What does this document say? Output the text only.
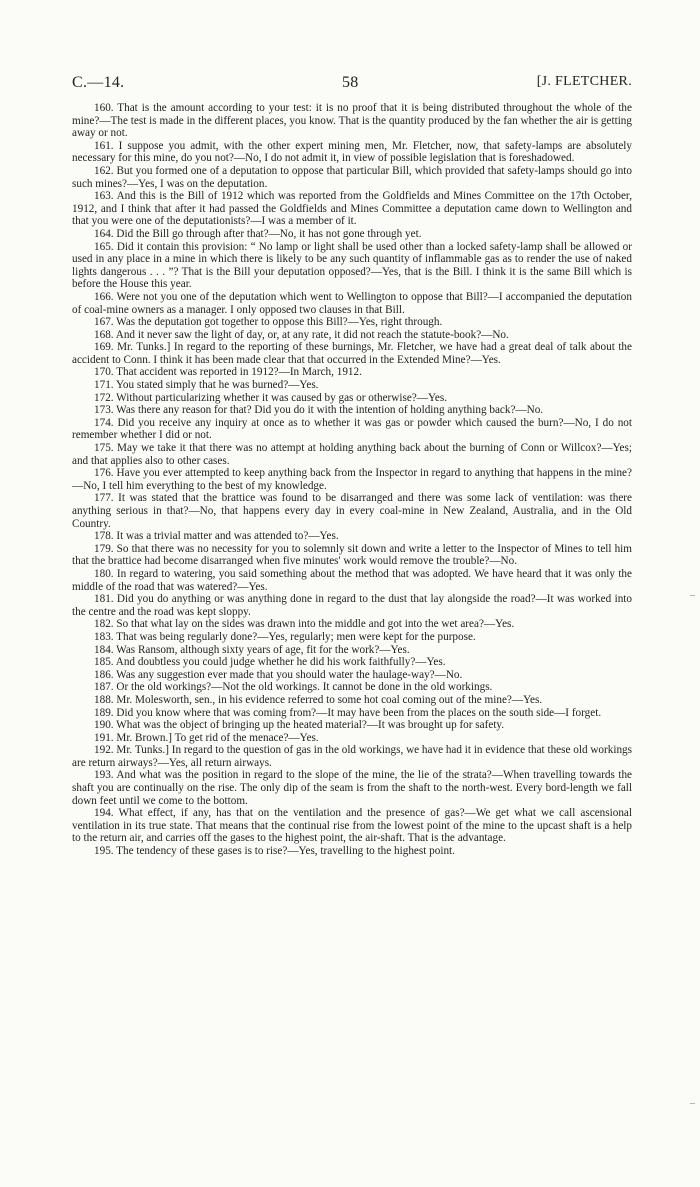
C.—14.	58	[J. FLETCHER.

160. That is the amount according to your test: it is no proof that it is being distributed throughout the whole of the mine?—The test is made in the different places, you know. That is the quantity produced by the fan whether the air is getting away or not.

161. I suppose you admit, with the other expert mining men, Mr. Fletcher, now, that safety-lamps are absolutely necessary for this mine, do you not?—No, I do not admit it, in view of possible legislation that is foreshadowed.

162. But you formed one of a deputation to oppose that particular Bill, which provided that safety-lamps should go into such mines?—Yes, I was on the deputation.

163. And this is the Bill of 1912 which was reported from the Goldfields and Mines Committee on the 17th October, 1912, and I think that after it had passed the Goldfields and Mines Committee a deputation came down to Wellington and that you were one of the deputationists?—I was a member of it.

164. Did the Bill go through after that?—No, it has not gone through yet.

165. Did it contain this provision: “ No lamp or light shall be used other than a locked safety-lamp shall be allowed or used in any place in a mine in which there is likely to be any such quantity of inflammable gas as to render the use of naked lights dangerous . . . ”? That is the Bill your deputation opposed?—Yes, that is the Bill. I think it is the same Bill which is before the House this year.

166. Were not you one of the deputation which went to Wellington to oppose that Bill?—I accompanied the deputation of coal-mine owners as a manager. I only opposed two clauses in that Bill.

167. Was the deputation got together to oppose this Bill?—Yes, right through.

168. And it never saw the light of day, or, at any rate, it did not reach the statute-book?—No.

169. Mr. Tunks.] In regard to the reporting of these burnings, Mr. Fletcher, we have had a great deal of talk about the accident to Conn. I think it has been made clear that that occurred in the Extended Mine?—Yes.

170. That accident was reported in 1912?—In March, 1912.

171. You stated simply that he was burned?—Yes.

172. Without particularizing whether it was caused by gas or otherwise?—Yes.

173. Was there any reason for that? Did you do it with the intention of holding anything back?—No.

174. Did you receive any inquiry at once as to whether it was gas or powder which caused the burn?—No, I do not remember whether I did or not.

175. May we take it that there was no attempt at holding anything back about the burning of Conn or Willcox?—Yes; and that applies also to other cases.

176. Have you ever attempted to keep anything back from the Inspector in regard to anything that happens in the mine?—No, I tell him everything to the best of my knowledge.

177. It was stated that the brattice was found to be disarranged and there was some lack of ventilation: was there anything serious in that?—No, that happens every day in every coal-mine in New Zealand, Australia, and in the Old Country.

178. It was a trivial matter and was attended to?—Yes.

179. So that there was no necessity for you to solemnly sit down and write a letter to the Inspector of Mines to tell him that the brattice had become disarranged when five minutes' work would remove the trouble?—No.

180. In regard to watering, you said something about the method that was adopted. We have heard that it was only the middle of the road that was watered?—Yes.

181. Did you do anything or was anything done in regard to the dust that lay alongside the road?—It was worked into the centre and the road was kept sloppy.

182. So that what lay on the sides was drawn into the middle and got into the wet area?—Yes.

183. That was being regularly done?—Yes, regularly; men were kept for the purpose.

184. Was Ransom, although sixty years of age, fit for the work?—Yes.

185. And doubtless you could judge whether he did his work faithfully?—Yes.

186. Was any suggestion ever made that you should water the haulage-way?—No.

187. Or the old workings?—Not the old workings. It cannot be done in the old workings.

188. Mr. Molesworth, sen., in his evidence referred to some hot coal coming out of the mine?—Yes.

189. Did you know where that was coming from?—It may have been from the places on the south side—I forget.

190. What was the object of bringing up the heated material?—It was brought up for safety.

191. Mr. Brown.] To get rid of the menace?—Yes.

192. Mr. Tunks.] In regard to the question of gas in the old workings, we have had it in evidence that these old workings are return airways?—Yes, all return airways.

193. And what was the position in regard to the slope of the mine, the lie of the strata?—When travelling towards the shaft you are continually on the rise. The only dip of the seam is from the shaft to the north-west. Every bord-length we fall down feet until we come to the bottom.

194. What effect, if any, has that on the ventilation and the presence of gas?—We get what we call ascensional ventilation in its true state. That means that the continual rise from the lowest point of the mine to the upcast shaft is a help to the return air, and carries off the gases to the highest point, the air-shaft. That is the advantage.

195. The tendency of these gases is to rise?—Yes, travelling to the highest point.

–
–
